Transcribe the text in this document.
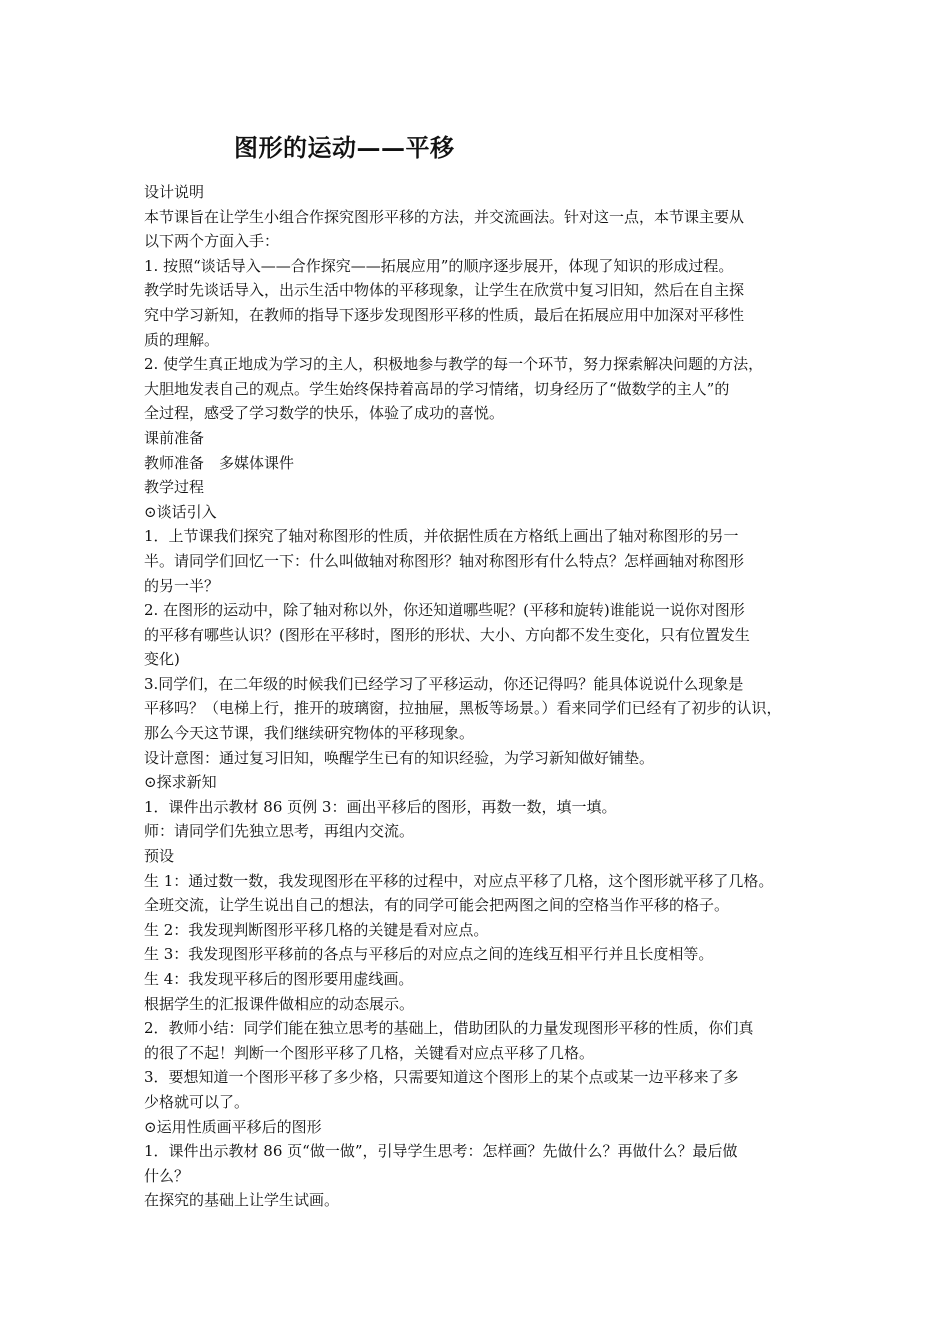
图形的运动——平移

设计说明

本节课旨在让学生小组合作探究图形平移的方法，并交流画法。针对这一点，本节课主要从

以下两个方面入手：

1. 按照“谈话导入——合作探究——拓展应用”的顺序逐步展开，体现了知识的形成过程。

教学时先谈话导入，出示生活中物体的平移现象，让学生在欣赏中复习旧知，然后在自主探

究中学习新知，在教师的指导下逐步发现图形平移的性质，最后在拓展应用中加深对平移性

质的理解。

2. 使学生真正地成为学习的主人，积极地参与教学的每一个环节，努力探索解决问题的方法，

大胆地发表自己的观点。学生始终保持着高昂的学习情绪，切身经历了“做数学的主人”的

全过程，感受了学习数学的快乐，体验了成功的喜悦。

课前准备

教师准备　多媒体课件

教学过程

⊙谈话引入

1．上节课我们探究了轴对称图形的性质，并依据性质在方格纸上画出了轴对称图形的另一

半。请同学们回忆一下：什么叫做轴对称图形？轴对称图形有什么特点？怎样画轴对称图形

的另一半？

2. 在图形的运动中，除了轴对称以外，你还知道哪些呢？(平移和旋转)谁能说一说你对图形

的平移有哪些认识？(图形在平移时，图形的形状、大小、方向都不发生变化，只有位置发生

变化)

3.同学们，在二年级的时候我们已经学习了平移运动，你还记得吗？能具体说说什么现象是

平移吗？（电梯上行，推开的玻璃窗，拉抽屉，黑板等场景。）看来同学们已经有了初步的认识，

那么今天这节课，我们继续研究物体的平移现象。

设计意图：通过复习旧知，唤醒学生已有的知识经验，为学习新知做好铺垫。

⊙探求新知

1．课件出示教材 86 页例 3：画出平移后的图形，再数一数，填一填。

师：请同学们先独立思考，再组内交流。

预设

生 1：通过数一数，我发现图形在平移的过程中，对应点平移了几格，这个图形就平移了几格。

全班交流，让学生说出自己的想法，有的同学可能会把两图之间的空格当作平移的格子。

生 2：我发现判断图形平移几格的关键是看对应点。

生 3：我发现图形平移前的各点与平移后的对应点之间的连线互相平行并且长度相等。

生 4：我发现平移后的图形要用虚线画。

根据学生的汇报课件做相应的动态展示。

2．教师小结：同学们能在独立思考的基础上，借助团队的力量发现图形平移的性质，你们真

的很了不起！判断一个图形平移了几格，关键看对应点平移了几格。

3．要想知道一个图形平移了多少格，只需要知道这个图形上的某个点或某一边平移来了多

少格就可以了。

⊙运用性质画平移后的图形

1．课件出示教材 86 页“做一做”，引导学生思考：怎样画？先做什么？再做什么？最后做

什么？

在探究的基础上让学生试画。
